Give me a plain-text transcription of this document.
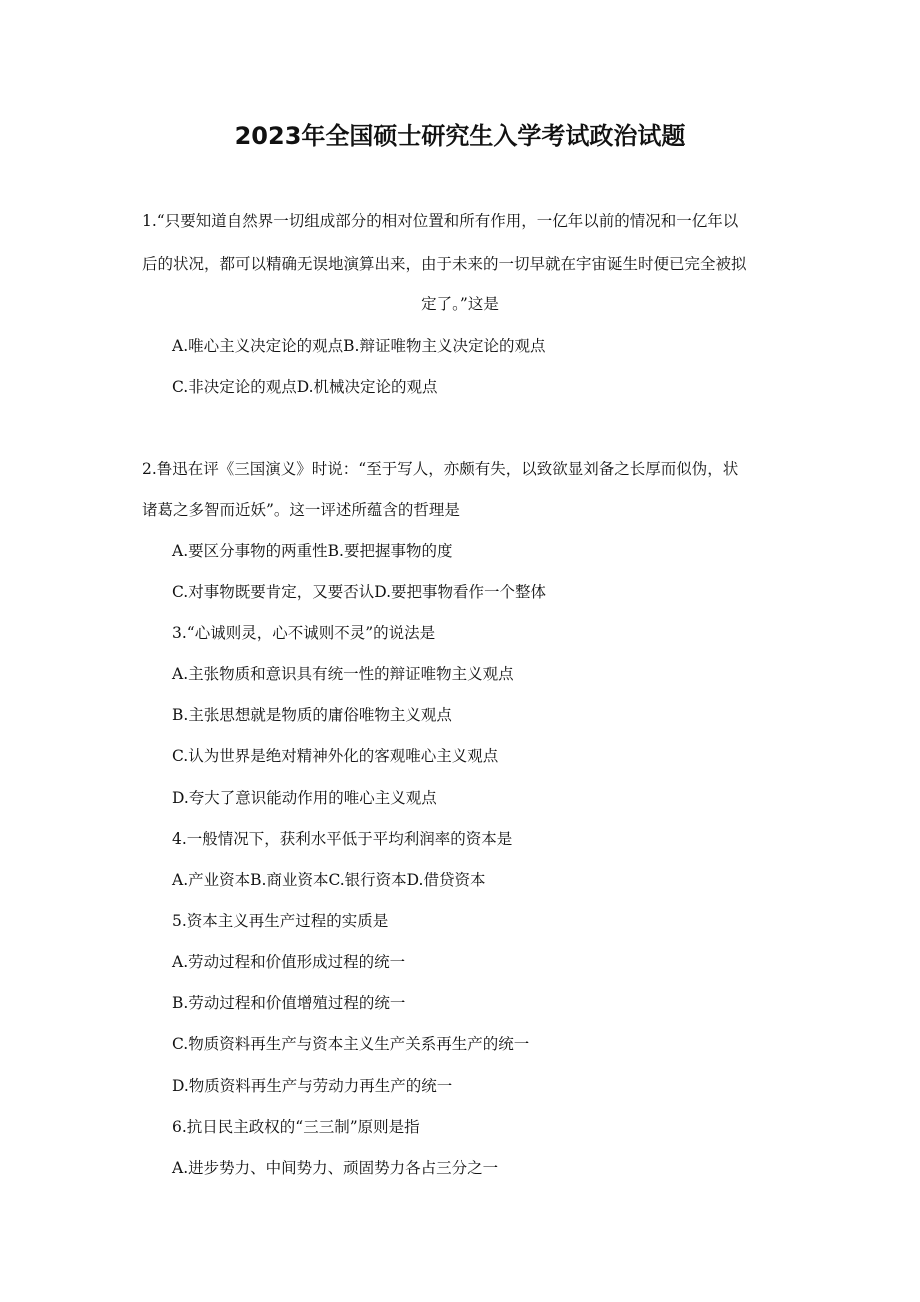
2023年全国硕士研究生入学考试政治试题
1.“只要知道自然界一切组成部分的相对位置和所有作用，一亿年以前的情况和一亿年以
后的状况，都可以精确无误地演算出来，由于未来的一切早就在宇宙诞生时便已完全被拟
定了。”这是
A.唯心主义决定论的观点B.辩证唯物主义决定论的观点
C.非决定论的观点D.机械决定论的观点
2.鲁迅在评《三国演义》时说：“至于写人，亦颇有失，以致欲显刘备之长厚而似伪，状
诸葛之多智而近妖”。这一评述所蕴含的哲理是
A.要区分事物的两重性B.要把握事物的度
C.对事物既要肯定，又要否认D.要把事物看作一个整体
3.“心诚则灵，心不诚则不灵”的说法是
A.主张物质和意识具有统一性的辩证唯物主义观点
B.主张思想就是物质的庸俗唯物主义观点
C.认为世界是绝对精神外化的客观唯心主义观点
D.夸大了意识能动作用的唯心主义观点
4.一般情况下，获利水平低于平均利润率的资本是
A.产业资本B.商业资本C.银行资本D.借贷资本
5.资本主义再生产过程的实质是
A.劳动过程和价值形成过程的统一
B.劳动过程和价值增殖过程的统一
C.物质资料再生产与资本主义生产关系再生产的统一
D.物质资料再生产与劳动力再生产的统一
6.抗日民主政权的“三三制”原则是指
A.进步势力、中间势力、顽固势力各占三分之一
